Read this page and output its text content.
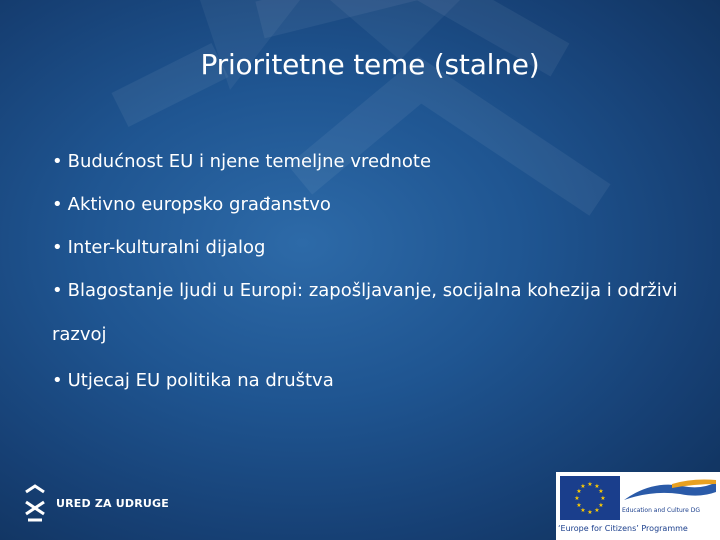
Prioritetne teme (stalne)
• Budućnost EU i njene temeljne vrednote
• Aktivno europsko građanstvo
• Inter-kulturalni dijalog
• Blagostanje ljudi u Europi: zapošljavanje, socijalna kohezija i održivi razvoj
• Utjecaj EU politika na društva
URED ZA UDRUGE
★ ★
★
★
★
★
★
★
★
★
★
★
Education and Culture DG
‘Europe for Citizens’ Programme
